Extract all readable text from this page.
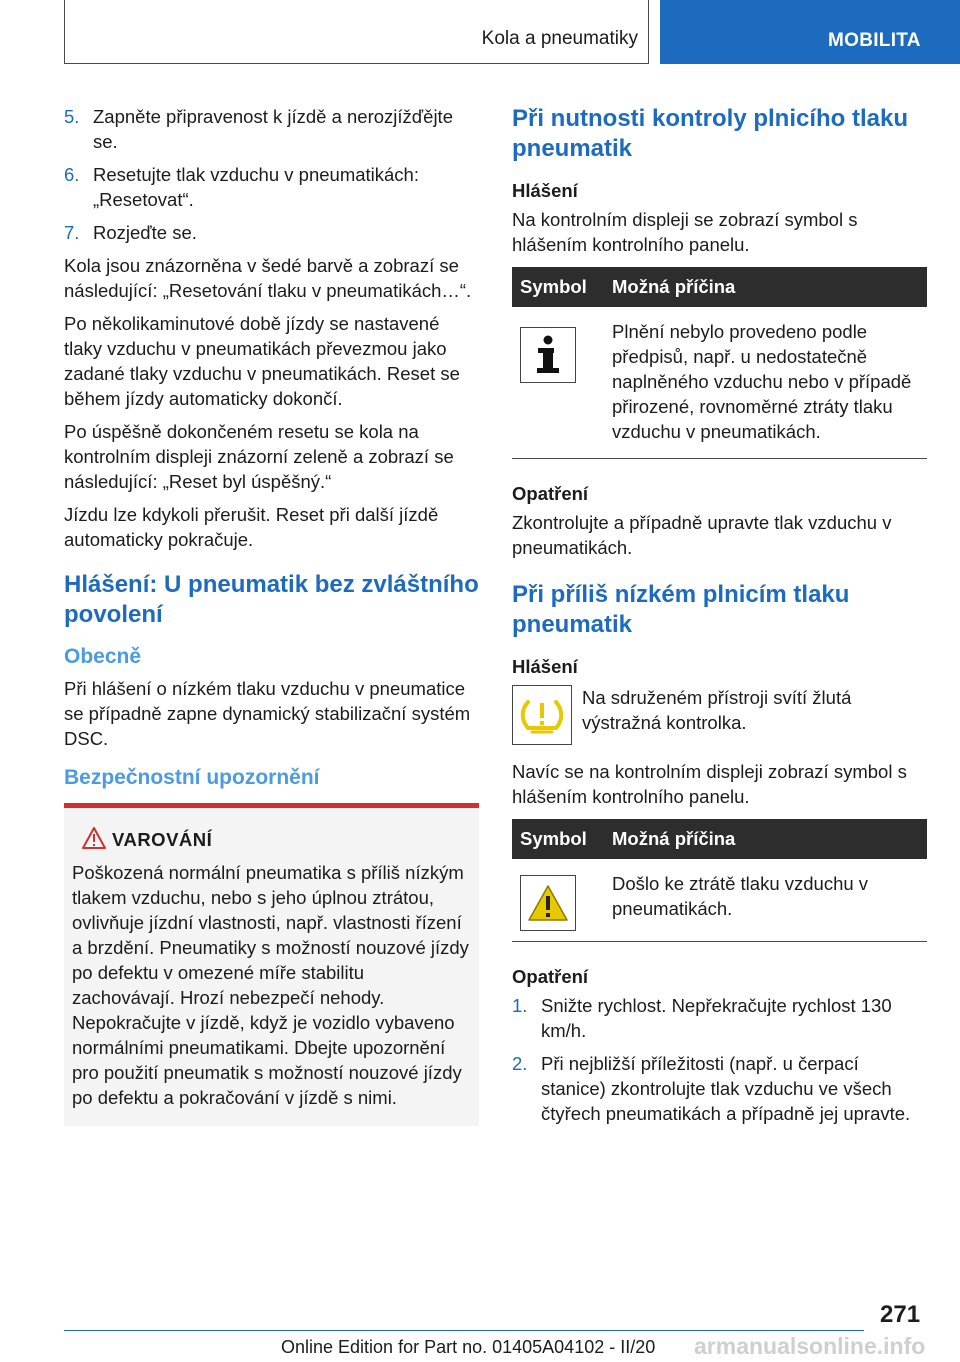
Kola a pneumatiky	MOBILITA
5. Zapněte připravenost k jízdě a nerozjížďějte se.
6. Resetujte tlak vzduchu v pneumatikách: „Resetovat“.
7. Rozjeďte se.

Kola jsou znázorněna v šedé barvě a zobrazí se následující: „Resetování tlaku v pneumatikách…“.

Po několikaminutové době jízdy se nastavené tlaky vzduchu v pneumatikách převezmou jako zadané tlaky vzduchu v pneumatikách. Reset se během jízdy automaticky dokončí.

Po úspěšně dokončeném resetu se kola na kontrolním displeji znázorní zeleně a zobrazí se následující: „Reset byl úspěšný.“

Jízdu lze kdykoli přerušit. Reset při další jízdě automaticky pokračuje.

Hlášení: U pneumatik bez zvláštního povolení
Obecně

Při hlášení o nízkém tlaku vzduchu v pneumatice se případně zapne dynamický stabilizační systém DSC.

Bezpečnostní upozornění
VAROVÁNÍ

Poškozená normální pneumatika s příliš nízkým tlakem vzduchu, nebo s jeho úplnou ztrátou, ovlivňuje jízdní vlastnosti, např. vlastnosti řízení a brzdění. Pneumatiky s možností nouzové jízdy po defektu v omezené míře stabilitu zachovávají. Hrozí nebezpečí nehody. Nepokračujte v jízdě, když je vozidlo vybaveno normálními pneumatikami. Dbejte upozornění pro použití pneumatik s možností nouzové jízdy po defektu a pokračování v jízdě s nimi.

Při nutnosti kontroly plnicího tlaku pneumatik
Hlášení

Na kontrolním displeji se zobrazí symbol s hlášením kontrolního panelu.

Symbol	Možná příčina

	Plnění nebylo provedeno podle předpisů, např. u nedostatečně naplněného vzduchu nebo v případě přirozené, rovnoměrné ztráty tlaku vzduchu v pneumatikách.
Opatření

Zkontrolujte a případně upravte tlak vzduchu v pneumatikách.

Při příliš nízkém plnicím tlaku pneumatik
Hlášení

Na sdruženém přístroji svítí žlutá výstražná kontrolka.

Navíc se na kontrolním displeji zobrazí symbol s hlášením kontrolního panelu.

Symbol	Možná příčina

	Došlo ke ztrátě tlaku vzduchu v pneumatikách.
Opatření
1. Snižte rychlost. Nepřekračujte rychlost 130 km/h.
2. Při nejbližší příležitosti (např. u čerpací stanice) zkontrolujte tlak vzduchu ve všech čtyřech pneumatikách a případně jej upravte.
271
armanualsonline.info
Online Edition for Part no. 01405A04102 - II/20
